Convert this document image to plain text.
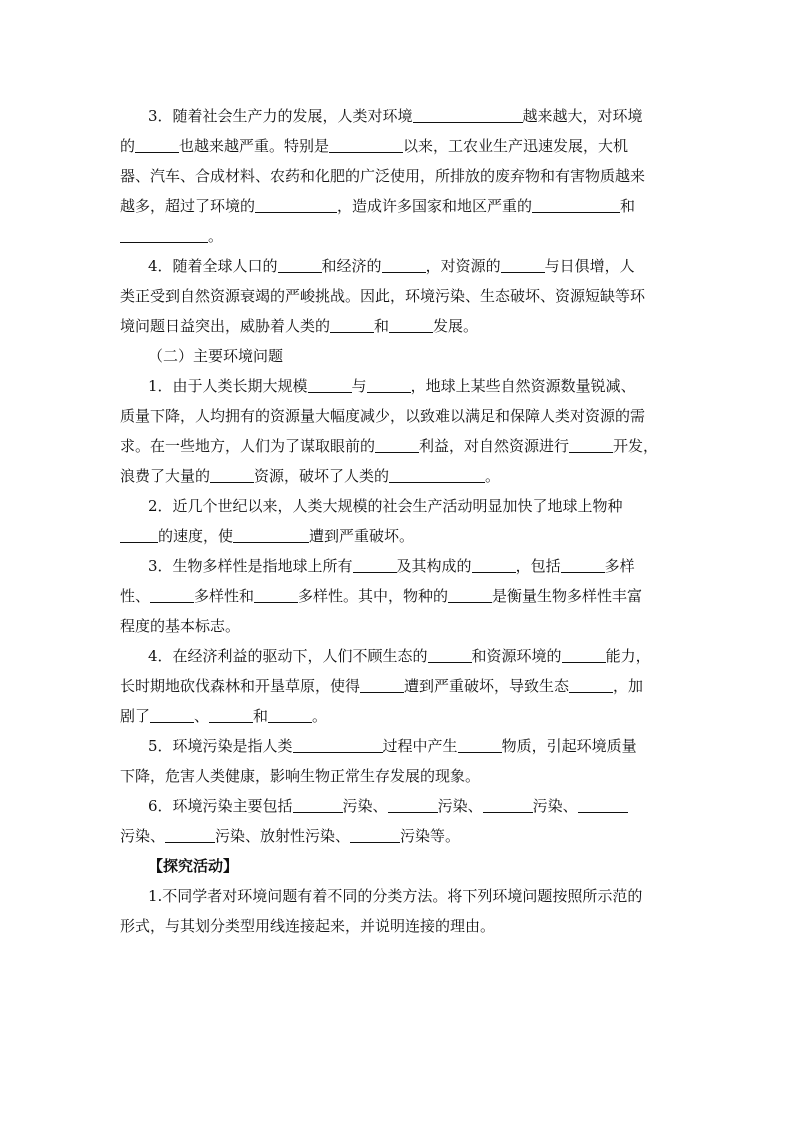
3．随着社会生产力的发展，人类对环境	越来越大，对环境
的	也越来越严重。特别是	以来，工农业生产迅速发展，大机
器、汽车、合成材料、农药和化肥的广泛使用，所排放的废弃物和有害物质越来
越多，超过了环境的	，造成许多国家和地区严重的	和
。
4．随着全球人口的	和经济的	，对资源的	与日俱增，人
类正受到自然资源衰竭的严峻挑战。因此，环境污染、生态破坏、资源短缺等环
境问题日益突出，威胁着人类的	和	发展。
（二）主要环境问题
1．由于人类长期大规模	与	，地球上某些自然资源数量锐减、
质量下降，人均拥有的资源量大幅度减少，以致难以满足和保障人类对资源的需
求。在一些地方，人们为了谋取眼前的	利益，对自然资源进行	开发，
浪费了大量的	资源，破坏了人类的	。
2．近几个世纪以来，人类大规模的社会生产活动明显加快了地球上物种
的速度，使	遭到严重破坏。
3．生物多样性是指地球上所有	及其构成的	，包括	多样
性、	多样性和	多样性。其中，物种的	是衡量生物多样性丰富
程度的基本标志。
4．在经济利益的驱动下，人们不顾生态的	和资源环境的	能力，
长时期地砍伐森林和开垦草原，使得	遭到严重破坏，导致生态	，加
剧了	、	和	。
5．环境污染是指人类	过程中产生	物质，引起环境质量
下降，危害人类健康，影响生物正常生存发展的现象。
6．环境污染主要包括	污染、	污染、	污染、
污染、	污染、放射性污染、	污染等。
【探究活动】
1.不同学者对环境问题有着不同的分类方法。将下列环境问题按照所示范的
形式，与其划分类型用线连接起来，并说明连接的理由。
